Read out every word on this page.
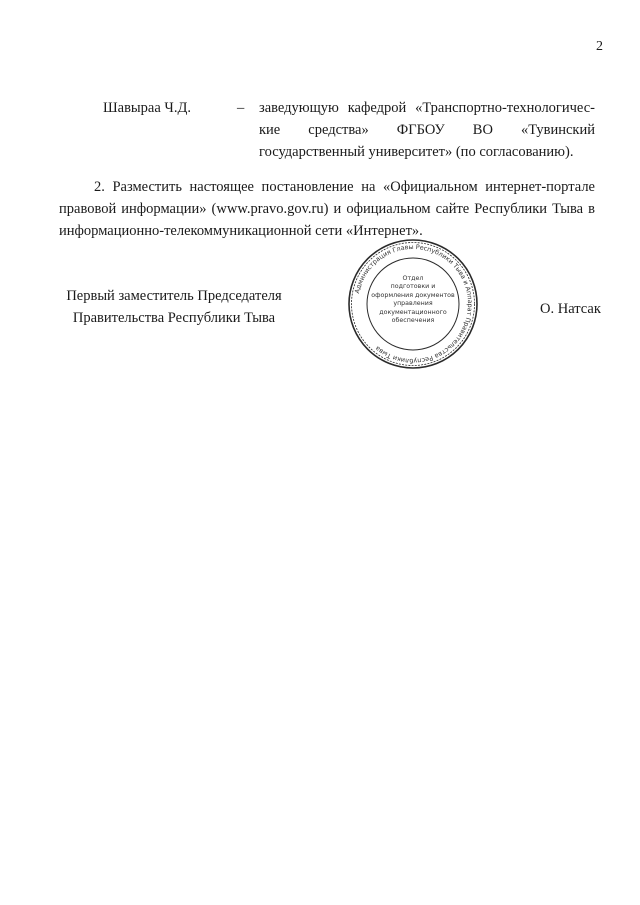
2
Шавыраа Ч.Д.	– заведующую кафедрой «Транспортно-технологичес-кие средства» ФГБОУ ВО «Тувинский государственный университет» (по согласованию).

2. Разместить настоящее постановление на «Официальном интернет-портале правовой информации» (www.pravo.gov.ru) и официальном сайте Республики Тыва в информационно-телекоммуникационной сети «Интернет».

Первый заместитель Председателя
Правительства Республики Тыва
Администрация Главы Республики Тыва и Аппарат Правительства Республики Тыва
Отдел
подготовки и
оформления документов
управления
документационного
обеспечения
О. Натсак
